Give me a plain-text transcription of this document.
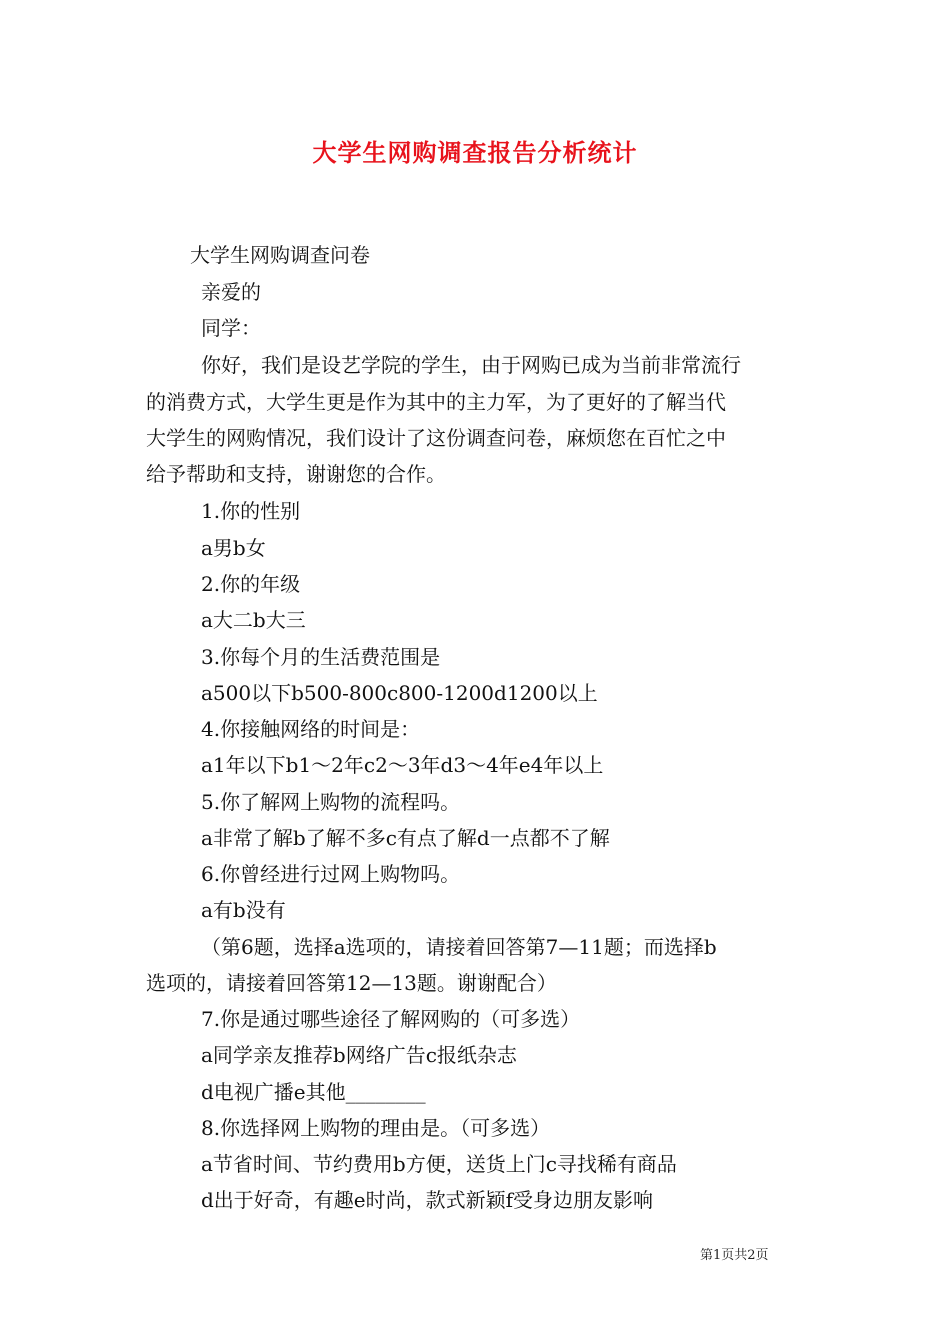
大学生网购调查报告分析统计
大学生网购调查问卷
亲爱的
同学：
你好，我们是设艺学院的学生，由于网购已成为当前非常流行
的消费方式，大学生更是作为其中的主力军，为了更好的了解当代
大学生的网购情况，我们设计了这份调查问卷，麻烦您在百忙之中
给予帮助和支持，谢谢您的合作。
1.你的性别
a男b女
2.你的年级
a大二b大三
3.你每个月的生活费范围是
a500以下b500-800c800-1200d1200以上
4.你接触网络的时间是：
a1年以下b1～2年c2～3年d3～4年e4年以上
5.你了解网上购物的流程吗。
a非常了解b了解不多c有点了解d一点都不了解
6.你曾经进行过网上购物吗。
a有b没有
（第6题，选择a选项的，请接着回答第7—11题；而选择b
选项的，请接着回答第12—13题。谢谢配合）
7.你是通过哪些途径了解网购的（可多选）
a同学亲友推荐b网络广告c报纸杂志
d电视广播e其他________
8.你选择网上购物的理由是。（可多选）
a节省时间、节约费用b方便，送货上门c寻找稀有商品
d出于好奇，有趣e时尚，款式新颖f受身边朋友影响
第1页共2页
